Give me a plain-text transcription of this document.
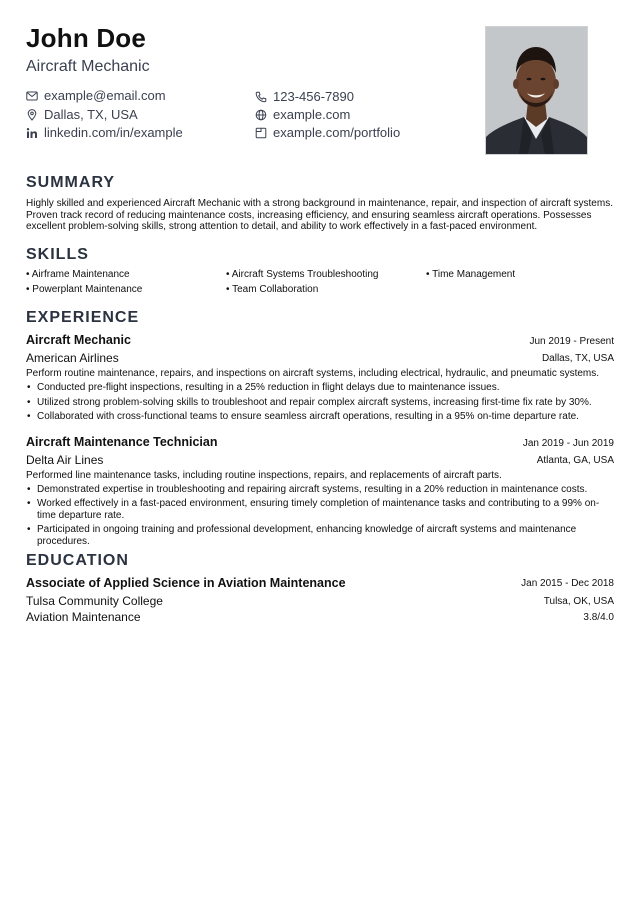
John Doe
Aircraft Mechanic
example@email.com
Dallas, TX, USA
linkedin.com/in/example
123-456-7890
example.com
example.com/portfolio
SUMMARY
Highly skilled and experienced Aircraft Mechanic with a strong background in maintenance, repair, and inspection of aircraft systems. Proven track record of reducing maintenance costs, increasing efficiency, and ensuring seamless aircraft operations. Possesses excellent problem-solving skills, strong attention to detail, and ability to work effectively in a fast-paced environment.
SKILLS
• Airframe Maintenance	• Aircraft Systems Troubleshooting	• Time Management
• Powerplant Maintenance	• Team Collaboration
EXPERIENCE
Aircraft Mechanic	Jun 2019 - Present
American Airlines	Dallas, TX, USA
Perform routine maintenance, repairs, and inspections on aircraft systems, including electrical, hydraulic, and pneumatic systems.
• Conducted pre-flight inspections, resulting in a 25% reduction in flight delays due to maintenance issues.
• Utilized strong problem-solving skills to troubleshoot and repair complex aircraft systems, increasing first-time fix rate by 30%.
• Collaborated with cross-functional teams to ensure seamless aircraft operations, resulting in a 95% on-time departure rate.
Aircraft Maintenance Technician	Jan 2019 - Jun 2019
Delta Air Lines	Atlanta, GA, USA
Performed line maintenance tasks, including routine inspections, repairs, and replacements of aircraft parts.
• Demonstrated expertise in troubleshooting and repairing aircraft systems, resulting in a 20% reduction in maintenance costs.
• Worked effectively in a fast-paced environment, ensuring timely completion of maintenance tasks and contributing to a 99% on-time departure rate.
• Participated in ongoing training and professional development, enhancing knowledge of aircraft systems and maintenance procedures.
EDUCATION
Associate of Applied Science in Aviation Maintenance	Jan 2015 - Dec 2018
Tulsa Community College	Tulsa, OK, USA
Aviation Maintenance	3.8/4.0
